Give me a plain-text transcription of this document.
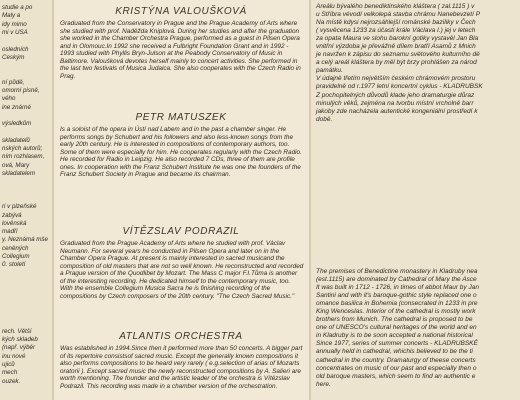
studie a po
Maly a
idy mimo
mi v USA
osledních
Českým
ní půdě,
omorní pisně,
vého
ine znárné
výsledkům
skladatelů
nských autorů;
ním rozhlasem,
ová, Mary
skladatelem
ri v plzeňské
zabývá
lověnská
madři
y. Neznámá mše
ceněných
Collegium
0. století
rech. Větší
kých skladeb
(např. výběr
inu nové
ujiců
mech
ouzek.
KRISTÝNA VALOUŠKOVÁ
Graduated from the Conservatory in Prague and the Prague Academy of Arts where she studied with prof. Naděžda Kniplová. During her studies and after the graduation she worked in the Chamber Orchestra Prague, performed as a guest in Pilsen Opera and in Olomouc.In 1992 she received a Fulbright Foundation Grant and in 1992 - 1993 studied with Phyllis Bryn-Julson at the Peabody Conservatory of Music in Baltimore. Valoušková devotes herself mainly to concert activities. She performed in the last two festivals of Musica Judaica. She also cooperates with the Czech Radio in Prag.
PETR MATUSZEK
Is a soloist of the opera in Ústí nad Labem and in the past a chamber singer. He performs songs by Schubert and his followers and also less-known songs from the early 20th century. He is interested in compositions of contemporary authors, too. Some of them were especially for him. He cooperates regularly with the Czech Radio. He recorded for Radio in Leipzig. He also recorded 7 CDs, three of them are profile ones. In cooperation with the Franz Schubert Institute he was one the founders of the Franz Schubert Society in Prague and became its chairman.
VÍTĚZSLAV PODRAZIL
Graduated from the Prague Academy of Arts where he studied with prof. Václav Neumann. For several years he conducted in Pilsen Opera and later on in the Chamber Opera Prague. At present is mainly interested in sacred musicand the composition of old masters that are not so well known. He reconstructed and recorded a Prague version of the Quodlibet by Mozart. The Mass C major F.I.Tůma is another of the interesting recording. He dedicated himself to the contemporary music, too. With the ensemble Collegium Musica Sacra he is finishing recording of the compositions by Czech composers of the 20th century. "The Czech Sacred Music."
ATLANTIS ORCHESTRA
Was established in 1994.Since then it performed more than 50 concerts. A bigger part of its repertoire consistsof sacred music. Except the generally known compositions it also performs compositions to be heard very rarely ( e.g.selection of arias of Mozarts oratorii ). Except sacred music the newly reconstructed compositions by A. Salieri are worth mentioning. The founder and the artistic leader of the orchestra is Vítězslav Podrazil. This recording was made in a chamber version of the orchestration.
Areálu bývalého benediktinského kláštera ( zal.1115 ) v
u Stříbra vévodí velkolepá stavba chrámu Nanebevzetí P
Na místě kdysi nejrozsáhlejší románské baziliky v Čech
( vysvěcena 1233 za účasti krále Václava I.) jej v letech
za opata Maura ve slohu barokní gotiky vystavěl Jan Bla
vnitřní výzdoba je převážně dílem bratří Asamů z Mnich
je navržen k zápisu do seznamu světového kulturního dě
a celý areál kláštera by měl být brzy prohlášen za národ
památku.
V údajně třetím největším českém chrámovém prostoru
pravidelně od r.1977 letní koncertní cyklus - KLADRUBSK
Z pochopitelných důvodů klade jeho dramaturgie důraz
minulých věků, zejména na tvorbu místní vrcholně barr
jakoby zde nacházela autentické kongeniální prostředí k
době.
The premises of Benedictine monastery in Kladruby nea
(est.1115) are dominated by Cathedral of Mary the Asce
It was built in 1712 - 1726, in times of abbot Maur by Jan
Santini and with it's baroque-gothic style replaced one o
omance basilica in Bohemia (consecrated in 1233 in pre
King Wenceslas. Interior of the cathedral is mostly work
brothers from Munich. The cathedral is proposed to be
one of UNESCO's cultural heritages of the world and en
in Kladruby is to be soon accepted a national historical
Since 1977, series of summer concerts - KLADRUBSKÉ
annually held in cathedral, whichis believed to be the ti
cathedral in the country. Dramaturgy of theese concerts
concentrates on music of our past and especially then o
old baroque masters, which seem to find an authentic e
here.
